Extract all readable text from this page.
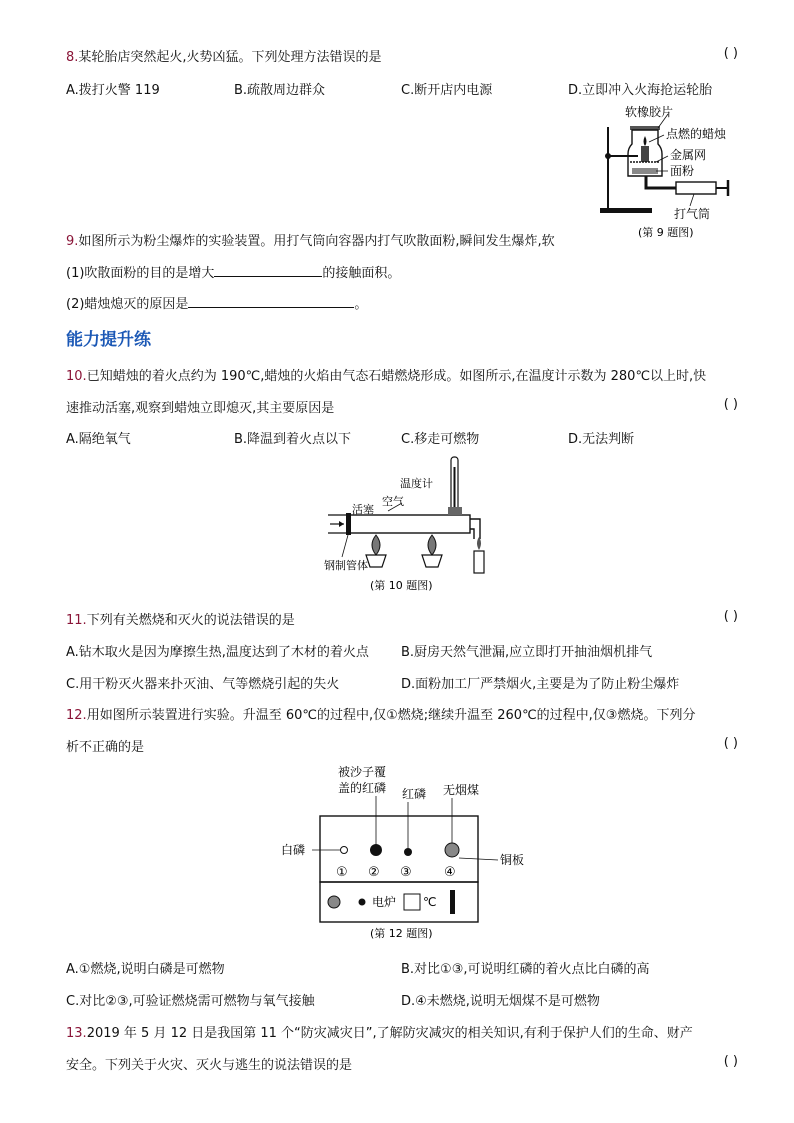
8.某轮胎店突然起火,火势凶猛。下列处理方法错误的是	( )
A.拨打火警 119	B.疏散周边群众	C.断开店内电源	D.立即冲入火海抢运轮胎
软橡胶片
点燃的蜡烛
金属网
面粉
打气筒
(第 9 题图)
9.如图所示为粉尘爆炸的实验装置。用打气筒向容器内打气吹散面粉,瞬间发生爆炸,软
(1)吹散面粉的目的是增大	的接触面积。
(2)蜡烛熄灭的原因是	。
能力提升练
10.已知蜡烛的着火点约为 190℃,蜡烛的火焰由气态石蜡燃烧形成。如图所示,在温度计示数为 280℃以上时,快
速推动活塞,观察到蜡烛立即熄灭,其主要原因是	( )
A.隔绝氧气	B.降温到着火点以下	C.移走可燃物	D.无法判断
温度计
活塞
空气
钢制管体
(第 10 题图)
11.下列有关燃烧和灭火的说法错误的是	( )
A.钻木取火是因为摩擦生热,温度达到了木材的着火点 B.厨房天然气泄漏,应立即打开抽油烟机排气
C.用干粉灭火器来扑灭油、气等燃烧引起的失火	D.面粉加工厂严禁烟火,主要是为了防止粉尘爆炸
12.用如图所示装置进行实验。升温至 60℃的过程中,仅①燃烧;继续升温至 260℃的过程中,仅③燃烧。下列分
析不正确的是	( )
被沙子覆
盖的红磷 红磷 无烟煤
白磷
铜板
① ② ③ ④
电炉 ℃
(第 12 题图)
A.①燃烧,说明白磷是可燃物	B.对比①③,可说明红磷的着火点比白磷的高
C.对比②③,可验证燃烧需可燃物与氧气接触	D.④未燃烧,说明无烟煤不是可燃物
13.2019 年 5 月 12 日是我国第 11 个“防灾减灾日”,了解防灾减灾的相关知识,有利于保护人们的生命、财产
安全。下列关于火灾、灭火与逃生的说法错误的是	( )
